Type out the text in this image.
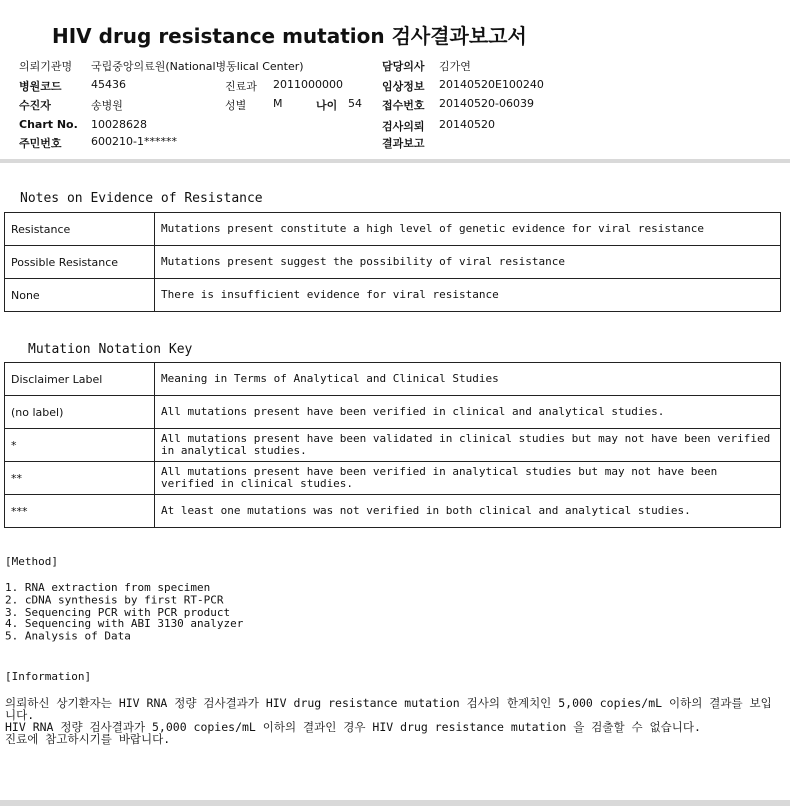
HIV drug resistance mutation 검사결과보고서
의뢰기관명 국립중앙의료원(National병동lical Center)	담당의사 김가연
병원코드	45436	진료과 2011000000	임상정보 20140520E100240
수진자	송병원	성별 M	나이 54 접수번호 20140520-06039
Chart No. 10028628	검사의뢰 20140520
주민번호	600210-1******	결과보고
Notes on Evidence of Resistance
Resistance	Mutations present constitute a high level of genetic evidence for viral resistance
Possible Resistance	Mutations present suggest the possibility of viral resistance
None	There is insufficient evidence for viral resistance
Mutation Notation Key
Disclaimer Label	Meaning in Terms of Analytical and Clinical Studies
(no label)	All mutations present have been verified in clinical and analytical studies.
*	All mutations present have been validated in clinical studies but may not have been verified in analytical studies.
**	All mutations present have been verified in analytical studies but may not have been verified in clinical studies.
***	At least one mutations was not verified in both clinical and analytical studies.
[Method]
1. RNA extraction from specimen
2. cDNA synthesis by first RT-PCR
3. Sequencing PCR with PCR product
4. Sequencing with ABI 3130 analyzer
5. Analysis of Data
[Information]

의뢰하신 상기환자는 HIV RNA 정량 검사결과가 HIV drug resistance mutation 검사의 한계치인 5,000 copies/mL 이하의 결과를 보입니다.

HIV RNA 정량 검사결과가 5,000 copies/mL 이하의 결과인 경우 HIV drug resistance mutation 을 검출할 수 없습니다.

진료에 참고하시기를 바랍니다.
